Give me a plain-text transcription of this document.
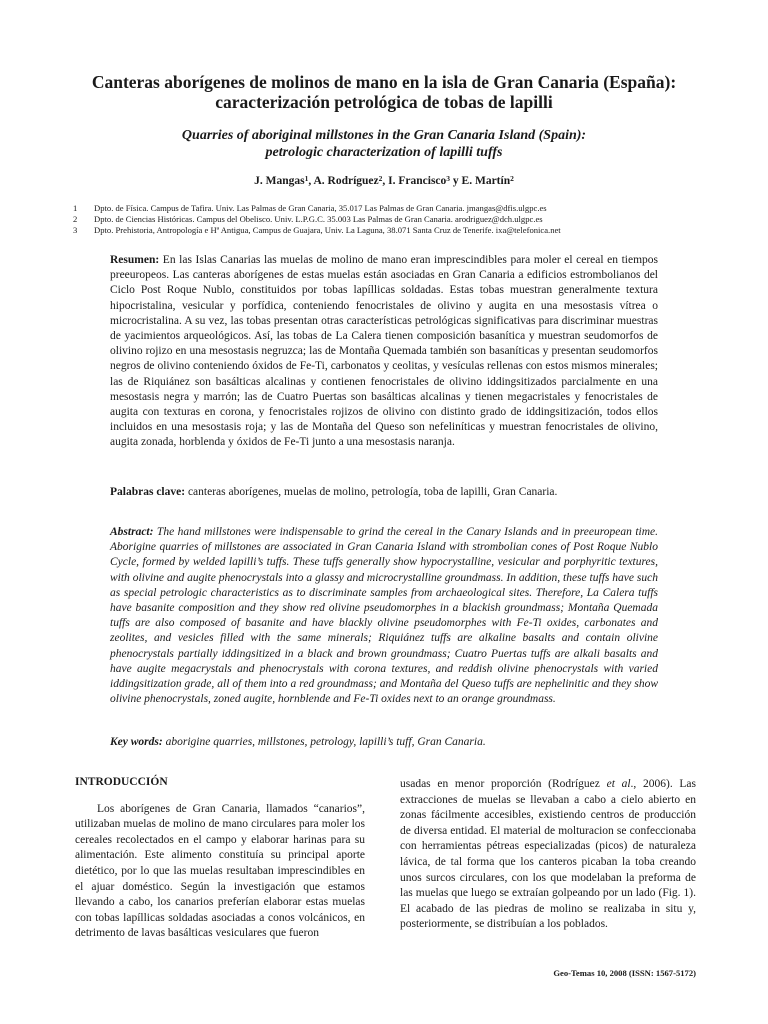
Canteras aborígenes de molinos de mano en la isla de Gran Canaria (España):
caracterización petrológica de tobas de lapilli
Quarries of aboriginal millstones in the Gran Canaria Island (Spain):
petrologic characterization of lapilli tuffs
J. Mangas$^1$, A. Rodríguez$^2$, I. Francisco$^3$ y E. Martín$^2$
1 Dpto. de Física. Campus de Tafira. Univ. Las Palmas de Gran Canaria, 35.017 Las Palmas de Gran Canaria. jmangas@dfis.ulgpc.es
2 Dpto. de Ciencias Históricas. Campus del Obelisco. Univ. L.P.G.C. 35.003 Las Palmas de Gran Canaria. arodriguez@dch.ulgpc.es
3 Dpto. Prehistoria, Antropología e Hª Antigua, Campus de Guajara, Univ. La Laguna, 38.071 Santa Cruz de Tenerife. ixa@telefonica.net
Resumen: En las Islas Canarias las muelas de molino de mano eran imprescindibles para moler el cereal en tiempos preeuropeos. Las canteras aborígenes de estas muelas están asociadas en Gran Canaria a edificios estrombolianos del Ciclo Post Roque Nublo, constituidos por tobas lapíllicas soldadas. Estas tobas muestran generalmente textura hipocristalina, vesicular y porfídica, conteniendo fenocristales de olivino y augita en una mesostasis vítrea o microcristalina. A su vez, las tobas presentan otras características petrológicas significativas para discriminar muestras de yacimientos arqueológicos. Así, las tobas de La Calera tienen composición basanítica y muestran seudomorfos de olivino rojizo en una mesostasis negruzca; las de Montaña Quemada también son basaníticas y presentan seudomorfos negros de olivino conteniendo óxidos de Fe-Ti, carbonatos y ceolitas, y vesículas rellenas con estos mismos minerales; las de Riquiánez son basálticas alcalinas y contienen fenocristales de olivino iddingsitizados parcialmente en una mesostasis negra y marrón; las de Cuatro Puertas son basálticas alcalinas y tienen megacristales y fenocristales de augita con texturas en corona, y fenocristales rojizos de olivino con distinto grado de iddingsitización, todos ellos incluidos en una mesostasis roja; y las de Montaña del Queso son nefeliníticas y muestran fenocristales de olivino, augita zonada, horblenda y óxidos de Fe-Ti junto a una mesostasis naranja.
Palabras clave: canteras aborígenes, muelas de molino, petrología, toba de lapilli, Gran Canaria.
Abstract: The hand millstones were indispensable to grind the cereal in the Canary Islands and in preeuropean time. Aborigine quarries of millstones are associated in Gran Canaria Island with strombolian cones of Post Roque Nublo Cycle, formed by welded lapilli’s tuffs. These tuffs generally show hypocrystalline, vesicular and porphyritic textures, with olivine and augite phenocrystals into a glassy and microcrystalline groundmass. In addition, these tuffs have such as special petrologic characteristics as to discriminate samples from archaeological sites. Therefore, La Calera tuffs have basanite composition and they show red olivine pseudomorphes in a blackish groundmass; Montaña Quemada tuffs are also composed of basanite and have blackly olivine pseudomorphes with Fe-Ti oxides, carbonates and zeolites, and vesicles filled with the same minerals; Riquiánez tuffs are alkaline basalts and contain olivine phenocrystals partially iddingsitized in a black and brown groundmass; Cuatro Puertas tuffs are alkali basalts and have augite megacrystals and phenocrystals with corona textures, and reddish olivine phenocrystals with varied iddingsitization grade, all of them into a red groundmass; and Montaña del Queso tuffs are nephelinitic and they show olivine phenocrystals, zoned augite, hornblende and Fe-Ti oxides next to an orange groundmass.
Key words: aborigine quarries, millstones, petrology, lapilli’s tuff, Gran Canaria.
INTRODUCCIÓN

Los aborígenes de Gran Canaria, llamados “canarios”, utilizaban muelas de molino de mano circulares para moler los cereales recolectados en el campo y elaborar harinas para su alimentación. Este alimento constituía su principal aporte dietético, por lo que las muelas resultaban imprescindibles en el ajuar doméstico. Según la investigación que estamos llevando a cabo, los canarios preferían elaborar estas muelas con tobas lapíllicas soldadas asociadas a conos volcánicos, en detrimento de lavas basálticas vesiculares que fueron

usadas en menor proporción (Rodríguez et al., 2006). Las extracciones de muelas se llevaban a cabo a cielo abierto en zonas fácilmente accesibles, existiendo centros de producción de diversa entidad. El material de molturacion se confeccionaba con herramientas pétreas especializadas (picos) de naturaleza lávica, de tal forma que los canteros picaban la toba creando unos surcos circulares, con los que modelaban la preforma de las muelas que luego se extraían golpeando por un lado (Fig. 1). El acabado de las piedras de molino se realizaba in situ y, posteriormente, se distribuían a los poblados.

Geo-Temas 10, 2008 (ISSN: 1567-5172)
